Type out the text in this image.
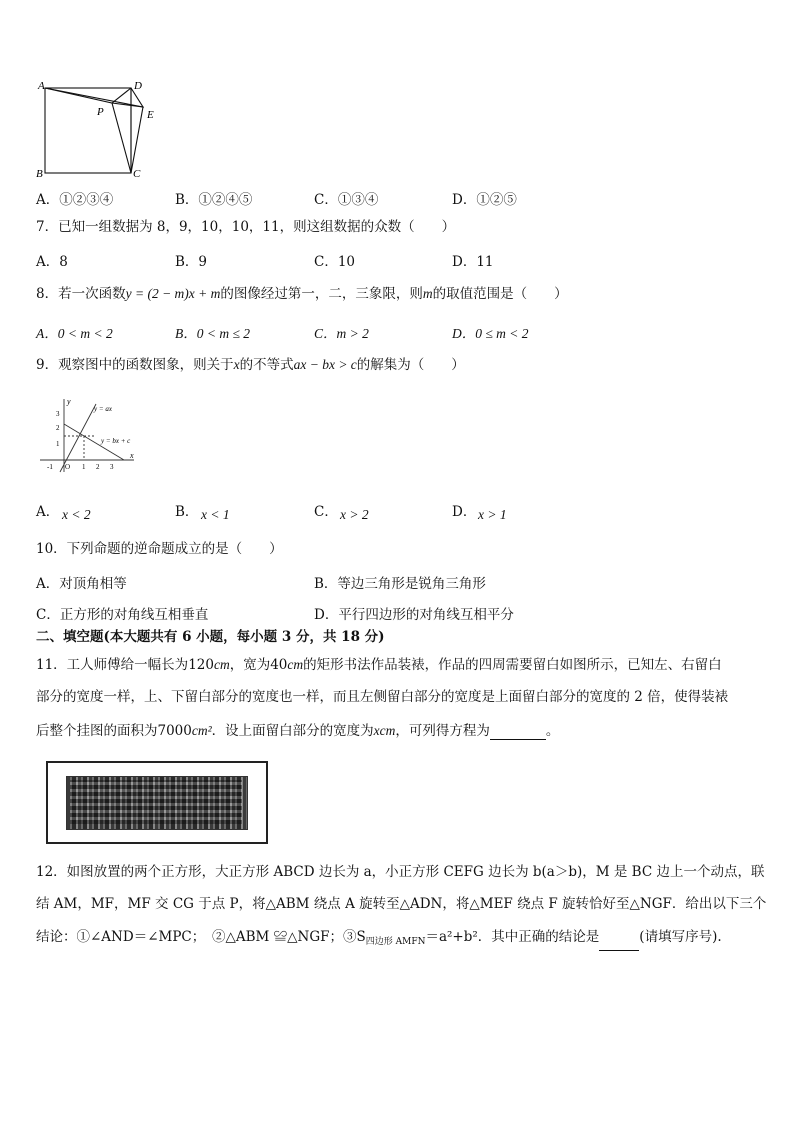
A	D
P	E
B	C
A．①②③④	B．①②④⑤	C．①③④	D．①②⑤
7．已知一组数据为 8，9，10，10，11，则这组数据的众数（　　）
A．8	B．9	C．10	D．11
8．若一次函数y = (2 − m)x + m的图像经过第一，二，三象限，则m的取值范围是（　　）
A．0 < m < 2	B．0 < m ≤ 2	C．m > 2	D．0 ≤ m < 2
9．观察图中的函数图象，则关于x的不等式ax − bx > c的解集为（　　）
y
x
y = ax
y = bx + c
3
2
1
-1 O 1 2 3
A． x < 2	B． x < 1	C． x > 2	D． x > 1
10．下列命题的逆命题成立的是（　　）
A．对顶角相等	B．等边三角形是锐角三角形
C．正方形的对角线互相垂直	D．平行四边形的对角线互相平分
二、填空题(本大题共有 6 小题，每小题 3 分，共 18 分)
11．工人师傅给一幅长为120cm，宽为40cm的矩形书法作品装裱，作品的四周需要留白如图所示，已知左、右留白
部分的宽度一样，上、下留白部分的宽度也一样，而且左侧留白部分的宽度是上面留白部分的宽度的 2 倍，使得装裱
后整个挂图的面积为7000cm²．设上面留白部分的宽度为xcm，可列得方程为	。
12．如图放置的两个正方形，大正方形 ABCD 边长为 a，小正方形 CEFG 边长为 b(a＞b)，M 是 BC 边上一个动点，联
结 AM，MF，MF 交 CG 于点 P，将△ABM 绕点 A 旋转至△ADN，将△MEF 绕点 F 旋转恰好至△NGF．给出以下三个
结论：①∠AND＝∠MPC；　②△ABM ≌△NGF；$③S_{四边形 AMFN}=a^2+b^2$．其中正确的结论是	(请填写序号).
